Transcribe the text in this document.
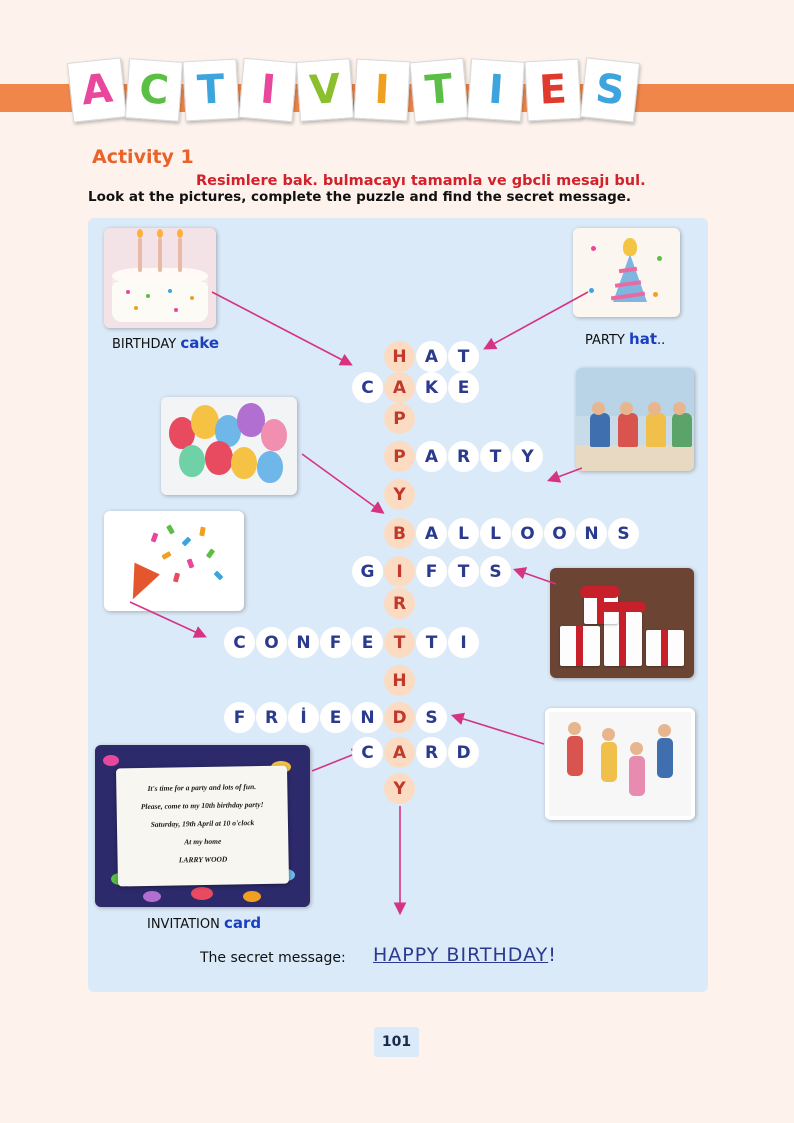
A C T I V I T I E S
Activity 1
Resimlere bak. bulmacayı tamamla ve gbcli mesajı bul.
Look at the pictures, complete the puzzle and find the secret message.
BIRTHDAY cake	PARTY hat..
It's time for a party and lots of fun.
Please, come to my 10th birthday party!
Saturday, 19th April at 10 o'clock
At my home
LARRY WOOD
INVITATION card
H	A	T
C	A	K	E
P
P	A	R	T	Y
Y
B	A	L	L	O	O	N	S
G	I	F	T	S
R
C	O	N	F	E	T	T	I
H
F	R	İ	E	N	D	S
C	A	R	D
Y
The secret message: HAPPY BIRTHDAY!
101
